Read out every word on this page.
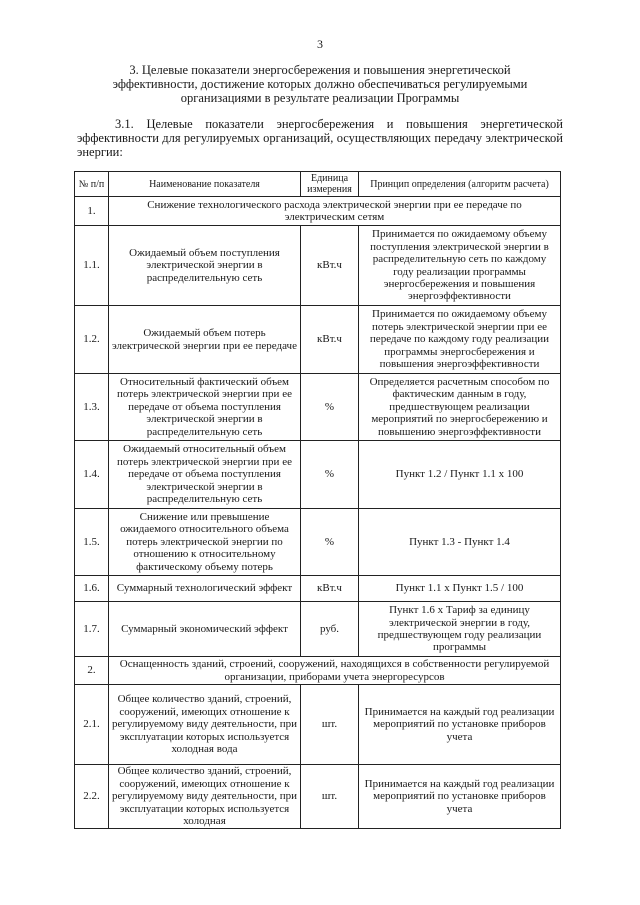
3
3. Целевые показатели энергосбережения и повышения энергетической эффективности, достижение которых должно обеспечиваться регулируемыми организациями в результате реализации Программы
3.1. Целевые показатели энергосбережения и повышения энергетической эффективности для регулируемых организаций, осуществляющих передачу электрической энергии:
№ п/п	Наименование показателя	Единица измерения	Принцип определения (алгоритм расчета)
1.	Снижение технологического расхода электрической энергии при ее передаче по электрическим сетям		
1.1.	Ожидаемый объем поступления электрической энергии в распределительную сеть	кВт.ч	Принимается по ожидаемому объему поступления электрической энергии в распределительную сеть по каждому году реализации программы энергосбережения и повышения энергоэффективности
1.2.	Ожидаемый объем потерь электрической энергии при ее передаче	кВт.ч	Принимается по ожидаемому объему потерь электрической энергии при ее передаче по каждому году реализации программы энергосбережения и повышения энергоэффективности
1.3.	Относительный фактический объем потерь электрической энергии при ее передаче от объема поступления электрической энергии в распределительную сеть	%	Определяется расчетным способом по фактическим данным в году, предшествующем реализации мероприятий по энергосбережению и повышению энергоэффективности
1.4.	Ожидаемый относительный объем потерь электрической энергии при ее передаче от объема поступления электрической энергии в распределительную сеть	%	Пункт 1.2 / Пункт 1.1 х 100
1.5.	Снижение или превышение ожидаемого относительного объема потерь электрической энергии по отношению к относительному фактическому объему потерь	%	Пункт 1.3 - Пункт 1.4
1.6.	Суммарный технологический эффект	кВт.ч	Пункт 1.1 х Пункт 1.5 / 100
1.7.	Суммарный экономический эффект	руб.	Пункт 1.6 х Тариф за единицу электрической энергии в году, предшествующем году реализации программы
2.	Оснащенность зданий, строений, сооружений, находящихся в собственности регулируемой организации, приборами учета энергоресурсов		
2.1.	Общее количество зданий, строений, сооружений, имеющих отношение к регулируемому виду деятельности, при эксплуатации которых используется холодная вода	шт.	Принимается на каждый год реализации мероприятий по установке приборов учета
2.2.	Общее количество зданий, строений, сооружений, имеющих отношение к регулируемому виду деятельности, при эксплуатации которых используется холодная	шт.	Принимается на каждый год реализации мероприятий по установке приборов учета
